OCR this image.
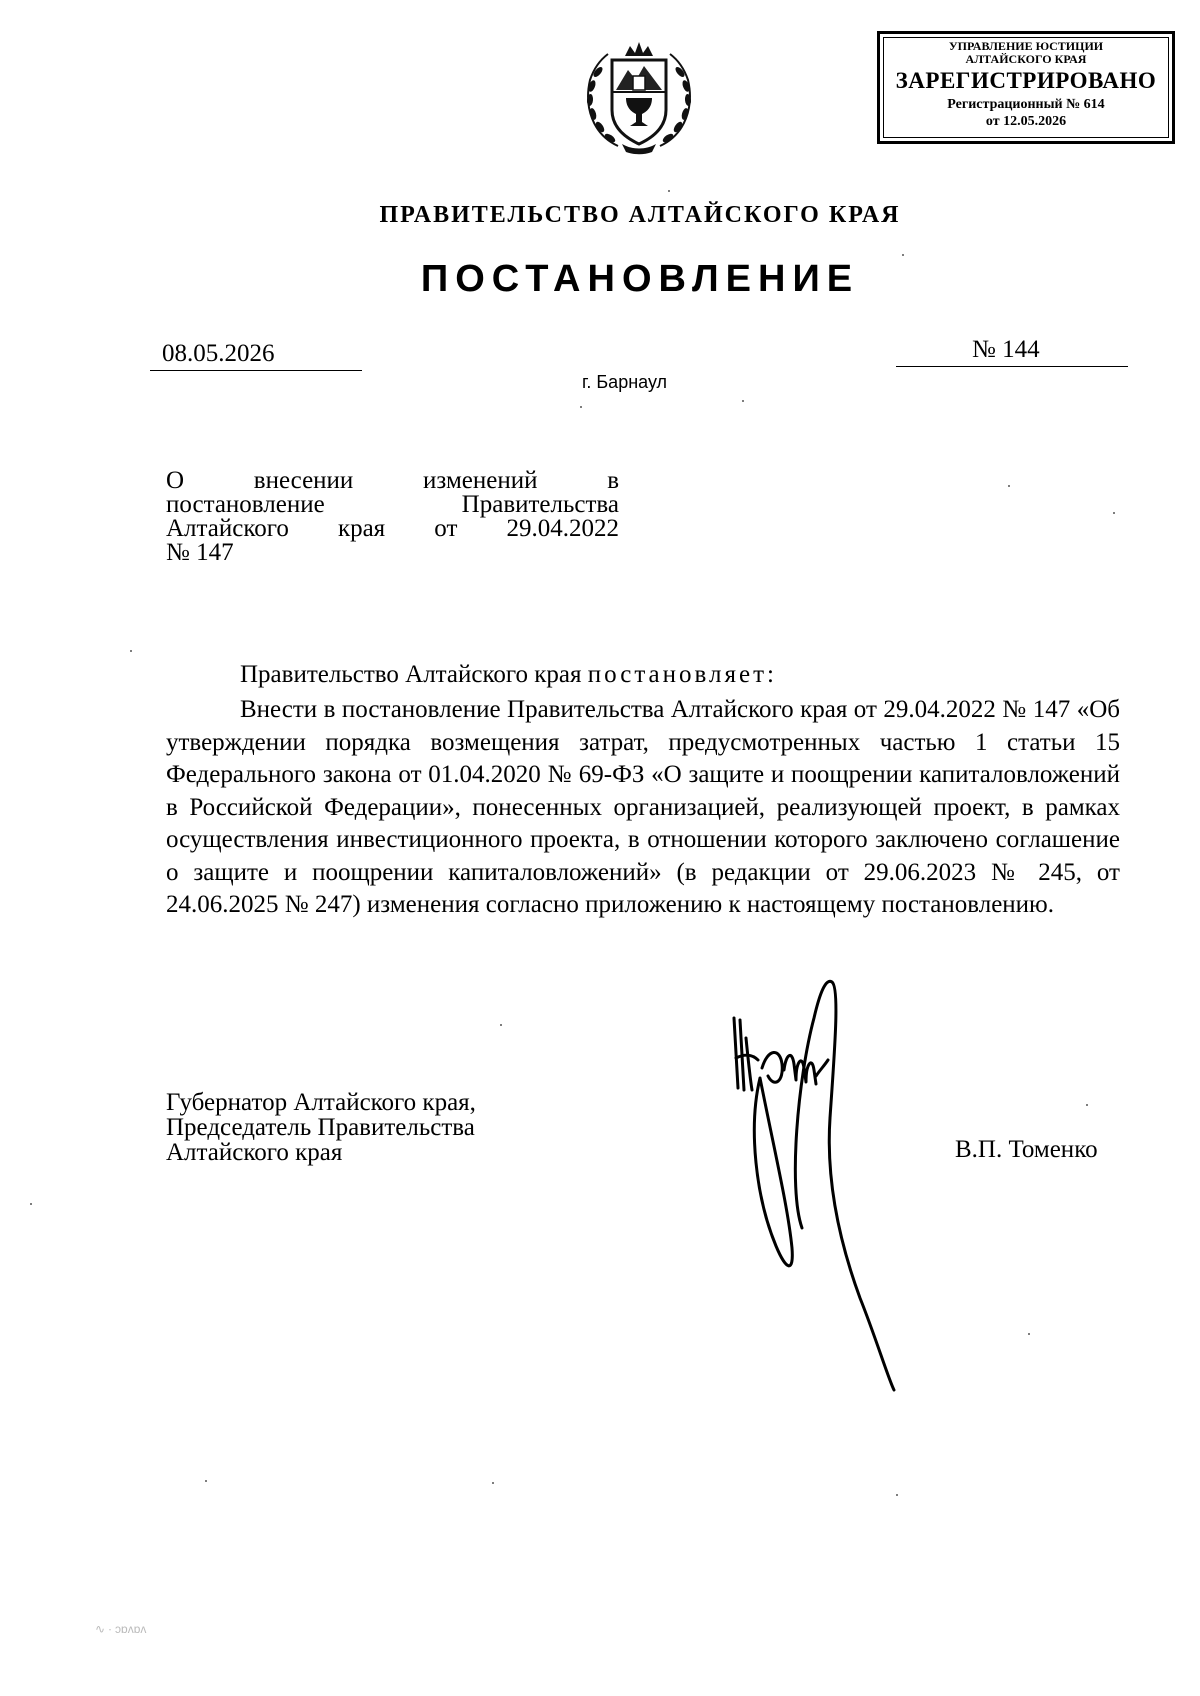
УПРАВЛЕНИЕ ЮСТИЦИИ
АЛТАЙСКОГО КРАЯ
ЗАРЕГИСТРИРОВАНО
Регистрационный № 614
от 12.05.2026
ПРАВИТЕЛЬСТВО АЛТАЙСКОГО КРАЯ
ПОСТАНОВЛЕНИЕ
08.05.2026	№ 144
г. Барнаул
О внесении изменений в
постановление Правительства
Алтайского края от 29.04.2022
№ 147
Правительство Алтайского края постановляет:
Внести в постановление Правительства Алтайского края от 29.04.2022 № 147 «Об утверждении порядка возмещения затрат, предусмотренных частью 1 статьи 15 Федерального закона от 01.04.2020 № 69-ФЗ «О защите и поощрении капиталовложений в Российской Федерации», понесенных организацией, реализующей проект, в рамках осуществления инвестиционного проекта, в отношении которого заключено соглашение о защите и поощрении капиталовложений» (в редакции от 29.06.2023 № 245, от 24.06.2025 № 247) изменения согласно приложению к настоящему постановлению.
Губернатор Алтайского края,
Председатель Правительства
Алтайского края	В.П. Томенко
∿ ∙ ɔɒʌɒʌ
